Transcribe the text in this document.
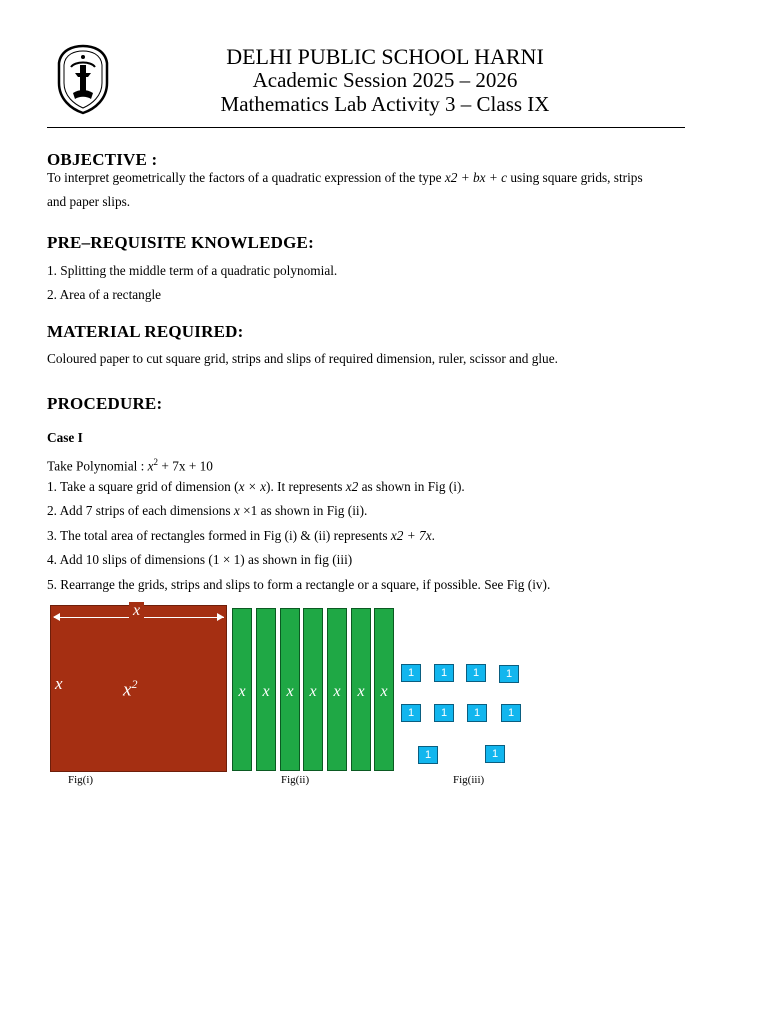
DELHI PUBLIC SCHOOL HARNI
Academic Session 2025 – 2026
Mathematics Lab Activity 3 – Class IX
OBJECTIVE :
To interpret geometrically the factors of a quadratic expression of the type x2 + bx + c using square grids, strips
and paper slips.
PRE–REQUISITE KNOWLEDGE:
1. Splitting the middle term of a quadratic polynomial.
2. Area of a rectangle
MATERIAL REQUIRED:
Coloured paper to cut square grid, strips and slips of required dimension, ruler, scissor and glue.
PROCEDURE:
Case I
Take Polynomial : $x^2 + 7x + 10$
1. Take a square grid of dimension (x × x). It represents x2 as shown in Fig (i).
2. Add 7 strips of each dimensions x ×1 as shown in Fig (ii).
3. The total area of rectangles formed in Fig (i) & (ii) represents x2 + 7x.
4. Add 10 slips of dimensions (1 × 1) as shown in fig (iii)
5. Rearrange the grids, strips and slips to form a rectangle or a square, if possible. See Fig (iv).
x
x	$x^2$
Fig(i)
x	x	x x	x	x x
Fig(ii)
1	1	1	1
1	1	1	1
1	1
Fig(iii)
